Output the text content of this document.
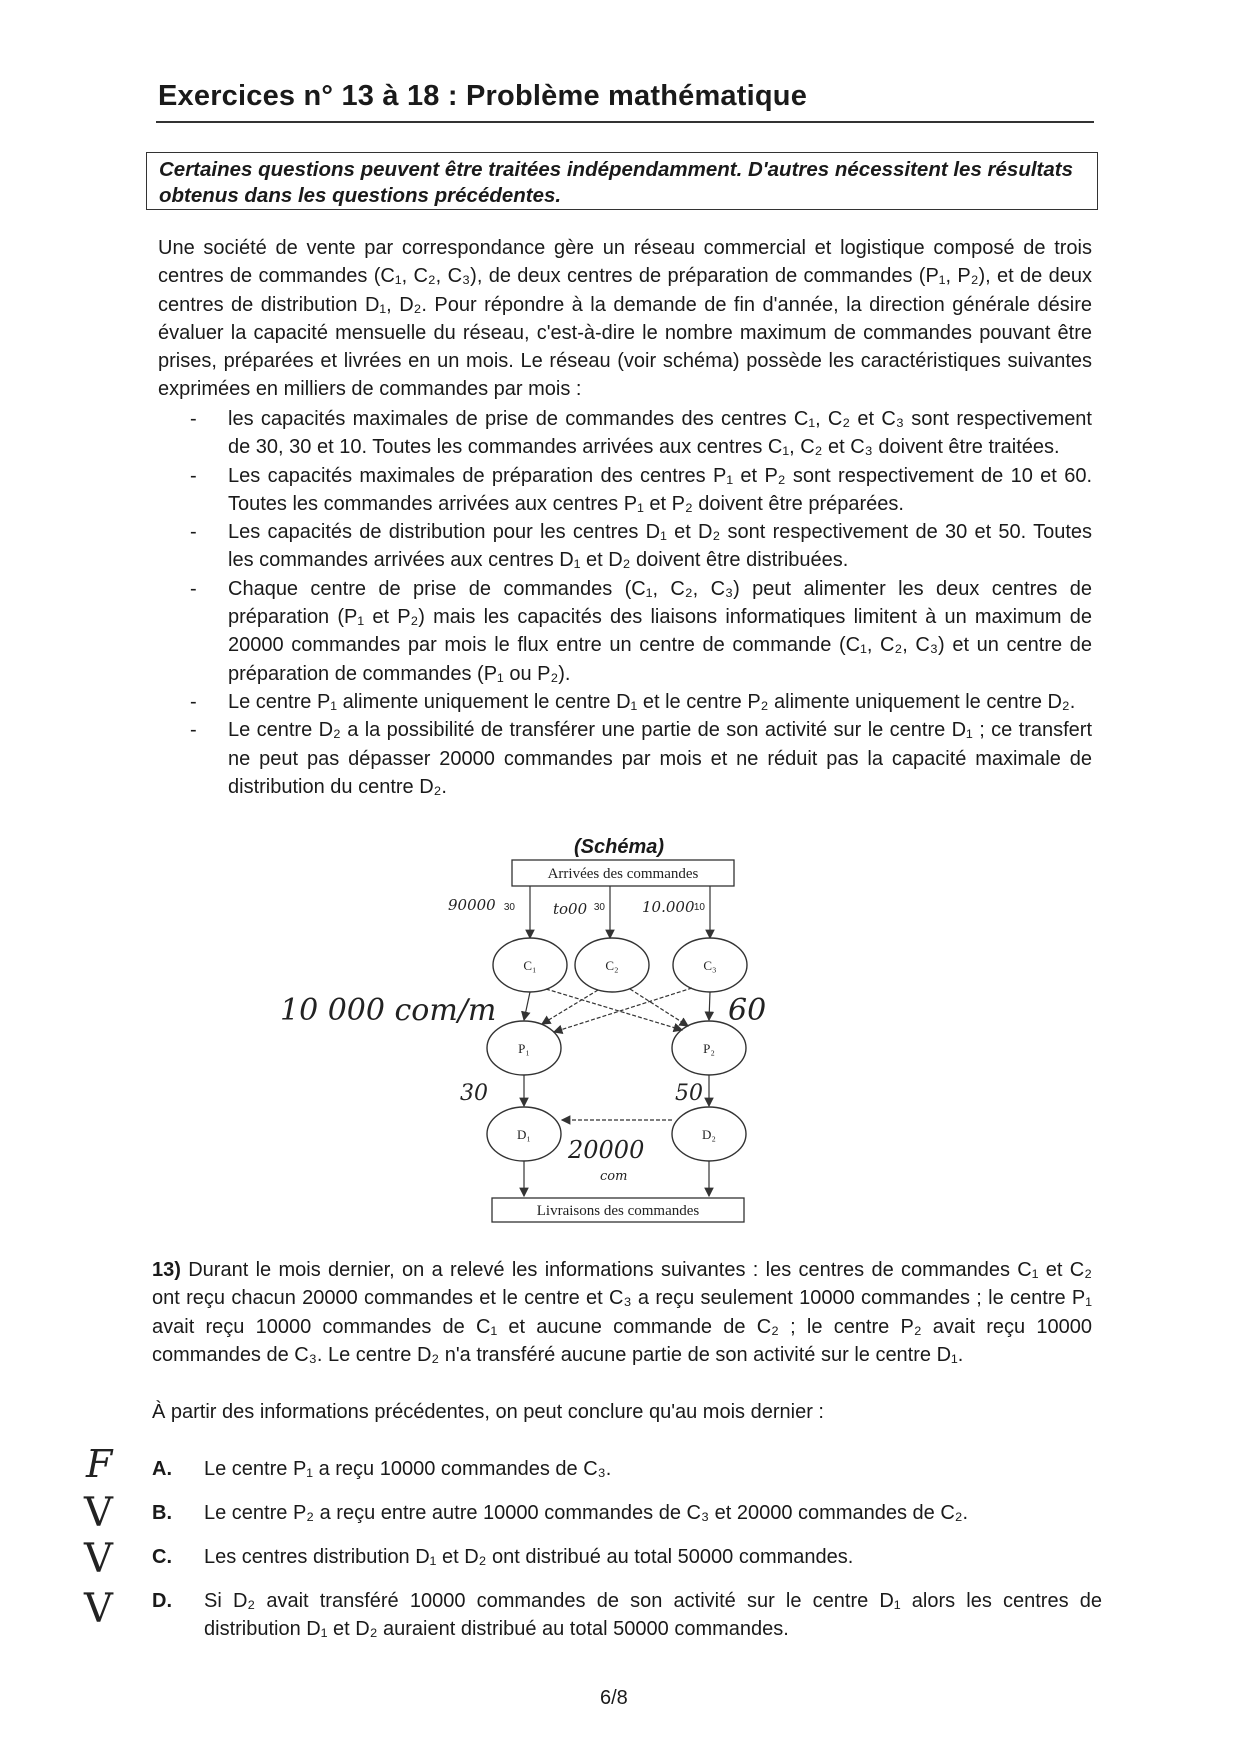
Exercices n° 13 à 18 : Problème mathématique
Certaines questions peuvent être traitées indépendamment. D'autres nécessitent les résultats obtenus dans les questions précédentes.
Une société de vente par correspondance gère un réseau commercial et logistique composé de trois centres de commandes (C₁, C₂, C₃), de deux centres de préparation de commandes (P₁, P₂), et de deux centres de distribution D₁, D₂. Pour répondre à la demande de fin d'année, la direction générale désire évaluer la capacité mensuelle du réseau, c'est-à-dire le nombre maximum de commandes pouvant être prises, préparées et livrées en un mois. Le réseau (voir schéma) possède les caractéristiques suivantes exprimées en milliers de commandes par mois :
- les capacités maximales de prise de commandes des centres C₁, C₂ et C₃ sont respectivement de 30, 30 et 10. Toutes les commandes arrivées aux centres C₁, C₂ et C₃ doivent être traitées.
- Les capacités maximales de préparation des centres P₁ et P₂ sont respectivement de 10 et 60. Toutes les commandes arrivées aux centres P₁ et P₂ doivent être préparées.
- Les capacités de distribution pour les centres D₁ et D₂ sont respectivement de 30 et 50. Toutes les commandes arrivées aux centres D₁ et D₂ doivent être distribuées.
- Chaque centre de prise de commandes (C₁, C₂, C₃) peut alimenter les deux centres de préparation (P₁ et P₂) mais les capacités des liaisons informatiques limitent à un maximum de 20000 commandes par mois le flux entre un centre de commande (C₁, C₂, C₃) et un centre de préparation de commandes (P₁ ou P₂).
- Le centre P₁ alimente uniquement le centre D₁ et le centre P₂ alimente uniquement le centre D₂.
- Le centre D₂ a la possibilité de transférer une partie de son activité sur le centre D₁ ; ce transfert ne peut pas dépasser 20000 commandes par mois et ne réduit pas la capacité maximale de distribution du centre D₂.
(Schéma)
Arrivées des commandes
30	30	10
C₁	C₂	C₃
P₁	P₂
D₁	D₂
Livraisons des commandes
90000	to00	10.000
10 000 com/m	60
30	50
20000
com
13) Durant le mois dernier, on a relevé les informations suivantes : les centres de commandes C₁ et C₂ ont reçu chacun 20000 commandes et le centre et C₃ a reçu seulement 10000 commandes ; le centre P₁ avait reçu 10000 commandes de C₁ et aucune commande de C₂ ; le centre P₂ avait reçu 10000 commandes de C₃. Le centre D₂ n'a transféré aucune partie de son activité sur le centre D₁.
À partir des informations précédentes, on peut conclure qu'au mois dernier :
F
V
V
V
A. Le centre P₁ a reçu 10000 commandes de C₃.
B. Le centre P₂ a reçu entre autre 10000 commandes de C₃ et 20000 commandes de C₂.
C. Les centres distribution D₁ et D₂ ont distribué au total 50000 commandes.
D. Si D₂ avait transféré 10000 commandes de son activité sur le centre D₁ alors les centres de distribution D₁ et D₂ auraient distribué au total 50000 commandes.
6/8
